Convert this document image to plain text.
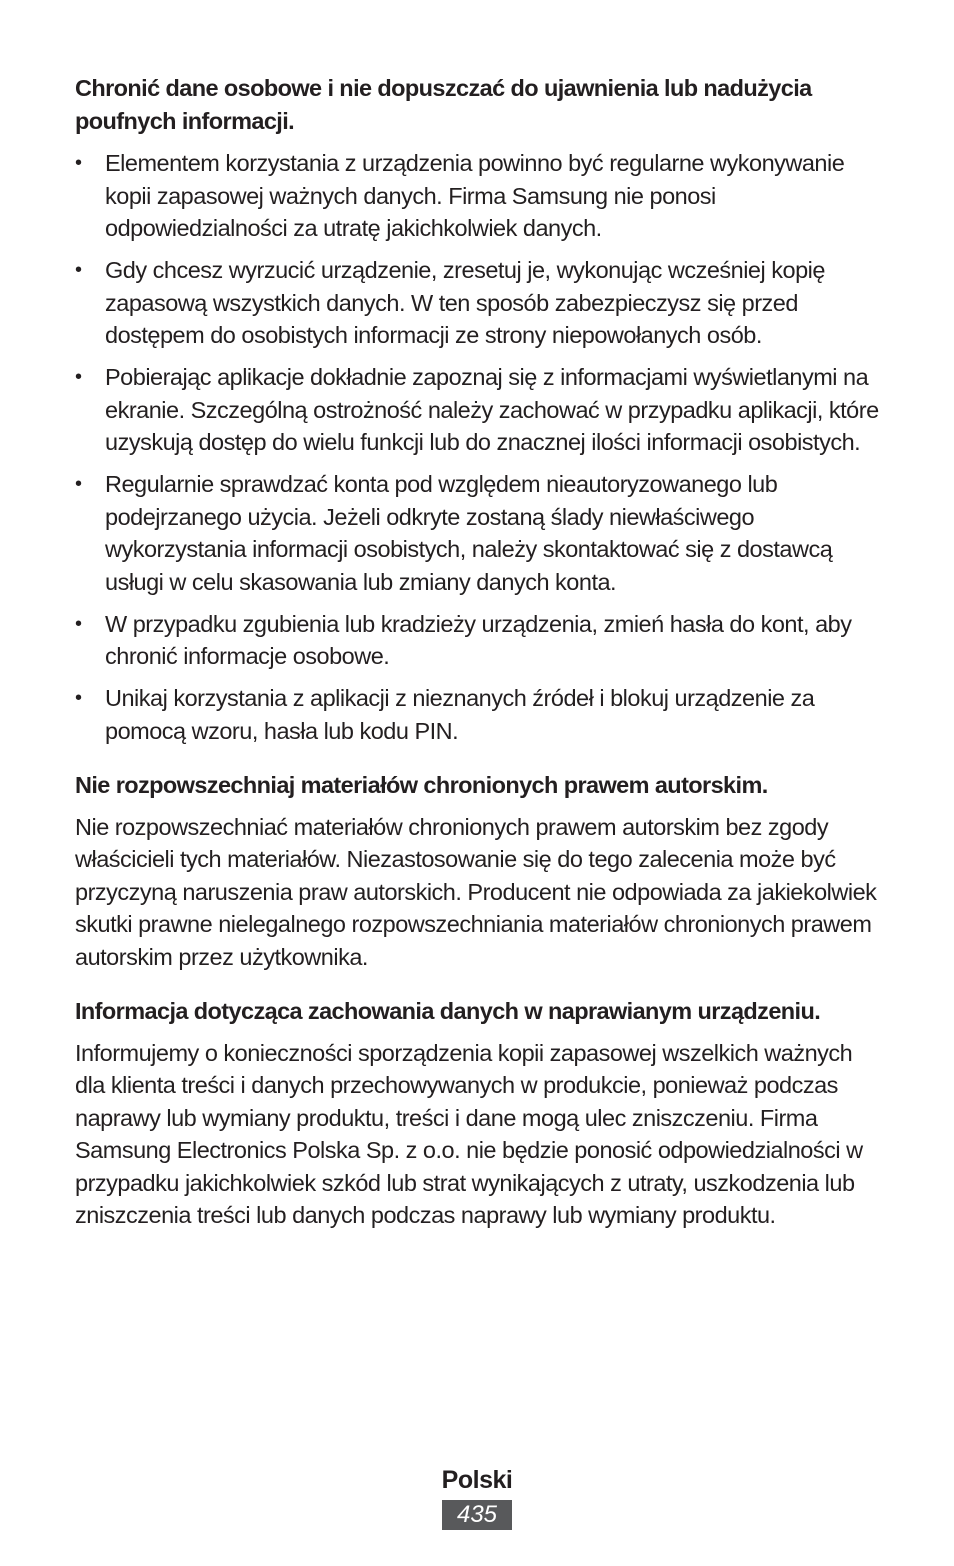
Chronić dane osobowe i nie dopuszczać do ujawnienia lub nadużycia poufnych informacji.

• Elementem korzystania z urządzenia powinno być regularne wykonywanie kopii zapasowej ważnych danych. Firma Samsung nie ponosi odpowiedzialności za utratę jakichkolwiek danych.
• Gdy chcesz wyrzucić urządzenie, zresetuj je, wykonując wcześniej kopię zapasową wszystkich danych. W ten sposób zabezpieczysz się przed dostępem do osobistych informacji ze strony niepowołanych osób.
• Pobierając aplikacje dokładnie zapoznaj się z informacjami wyświetlanymi na ekranie. Szczególną ostrożność należy zachować w przypadku aplikacji, które uzyskują dostęp do wielu funkcji lub do znacznej ilości informacji osobistych.
• Regularnie sprawdzać konta pod względem nieautoryzowanego lub podejrzanego użycia. Jeżeli odkryte zostaną ślady niewłaściwego wykorzystania informacji osobistych, należy skontaktować się z dostawcą usługi w celu skasowania lub zmiany danych konta.
• W przypadku zgubienia lub kradzieży urządzenia, zmień hasła do kont, aby chronić informacje osobowe.
• Unikaj korzystania z aplikacji z nieznanych źródeł i blokuj urządzenie za pomocą wzoru, hasła lub kodu PIN.

Nie rozpowszechniaj materiałów chronionych prawem autorskim.

Nie rozpowszechniać materiałów chronionych prawem autorskim bez zgody właścicieli tych materiałów. Niezastosowanie się do tego zalecenia może być przyczyną naruszenia praw autorskich. Producent nie odpowiada za jakiekolwiek skutki prawne nielegalnego rozpowszechniania materiałów chronionych prawem autorskim przez użytkownika.

Informacja dotycząca zachowania danych w naprawianym urządzeniu.

Informujemy o konieczności sporządzenia kopii zapasowej wszelkich ważnych dla klienta treści i danych przechowywanych w produkcie, ponieważ podczas naprawy lub wymiany produktu, treści i dane mogą ulec zniszczeniu. Firma Samsung Electronics Polska Sp. z o.o. nie będzie ponosić odpowiedzialności w przypadku jakichkolwiek szkód lub strat wynikających z utraty, uszkodzenia lub zniszczenia treści lub danych podczas naprawy lub wymiany produktu.

Polski
435
